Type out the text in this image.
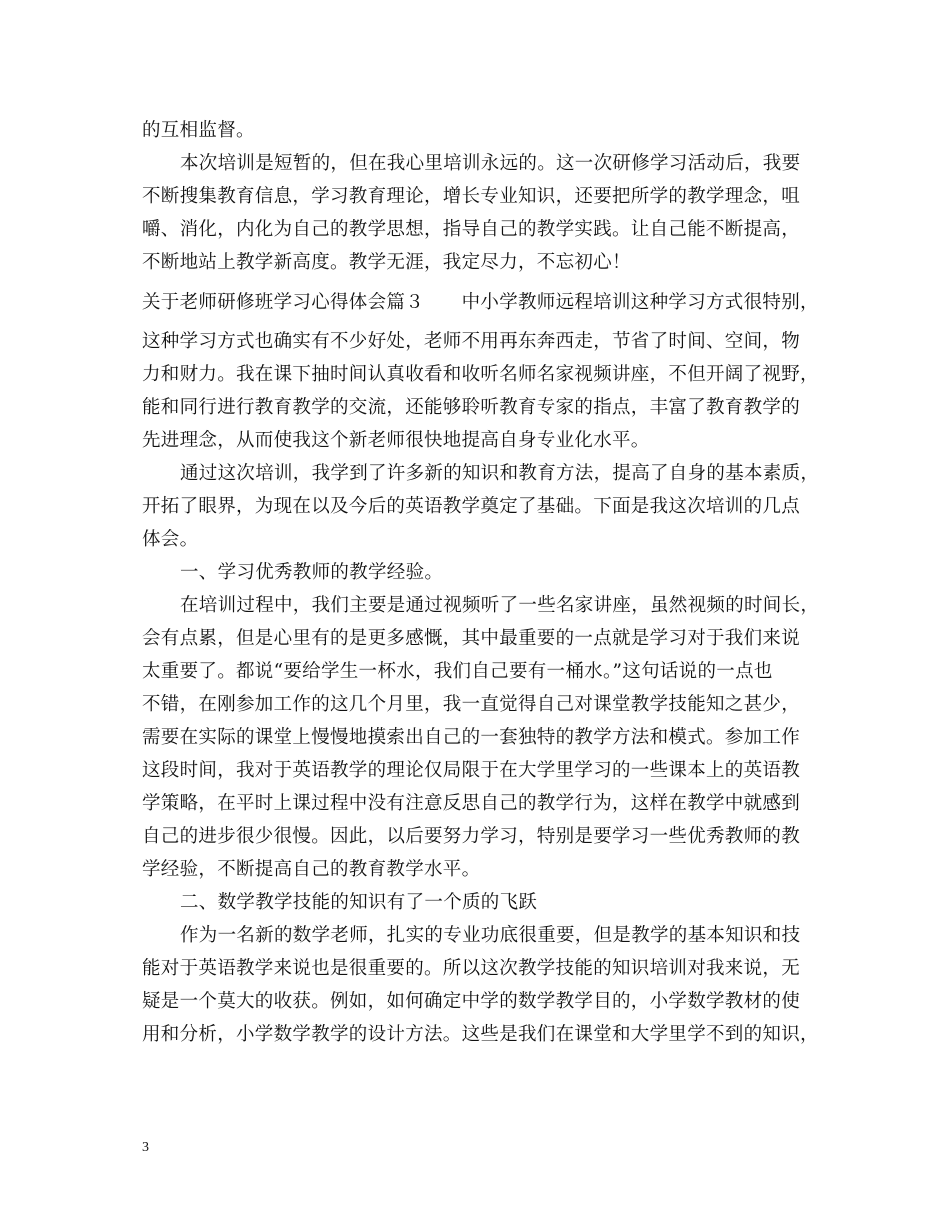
的互相监督。
本次培训是短暂的，但在我心里培训永远的。这一次研修学习活动后，我要
不断搜集教育信息，学习教育理论，增长专业知识，还要把所学的教学理念，咀
嚼、消化，内化为自己的教学思想，指导自己的教学实践。让自己能不断提高，
不断地站上教学新高度。教学无涯，我定尽力，不忘初心！
关于老师研修班学习心得体会篇３　　中小学教师远程培训这种学习方式很特别，
这种学习方式也确实有不少好处，老师不用再东奔西走，节省了时间、空间，物
力和财力。我在课下抽时间认真收看和收听名师名家视频讲座，不但开阔了视野，
能和同行进行教育教学的交流，还能够聆听教育专家的指点，丰富了教育教学的
先进理念，从而使我这个新老师很快地提高自身专业化水平。
通过这次培训，我学到了许多新的知识和教育方法，提高了自身的基本素质，
开拓了眼界，为现在以及今后的英语教学奠定了基础。下面是我这次培训的几点
体会。
一、学习优秀教师的教学经验。
在培训过程中，我们主要是通过视频听了一些名家讲座，虽然视频的时间长，
会有点累，但是心里有的是更多感慨，其中最重要的一点就是学习对于我们来说
太重要了。都说“要给学生一杯水，我们自己要有一桶水。”这句话说的一点也
不错，在刚参加工作的这几个月里，我一直觉得自己对课堂教学技能知之甚少，
需要在实际的课堂上慢慢地摸索出自己的一套独特的教学方法和模式。参加工作
这段时间，我对于英语教学的理论仅局限于在大学里学习的一些课本上的英语教
学策略，在平时上课过程中没有注意反思自己的教学行为，这样在教学中就感到
自己的进步很少很慢。因此，以后要努力学习，特别是要学习一些优秀教师的教
学经验，不断提高自己的教育教学水平。
二、数学教学技能的知识有了一个质的飞跃
作为一名新的数学老师，扎实的专业功底很重要，但是教学的基本知识和技
能对于英语教学来说也是很重要的。所以这次教学技能的知识培训对我来说，无
疑是一个莫大的收获。例如，如何确定中学的数学教学目的，小学数学教材的使
用和分析，小学数学教学的设计方法。这些是我们在课堂和大学里学不到的知识，
3
